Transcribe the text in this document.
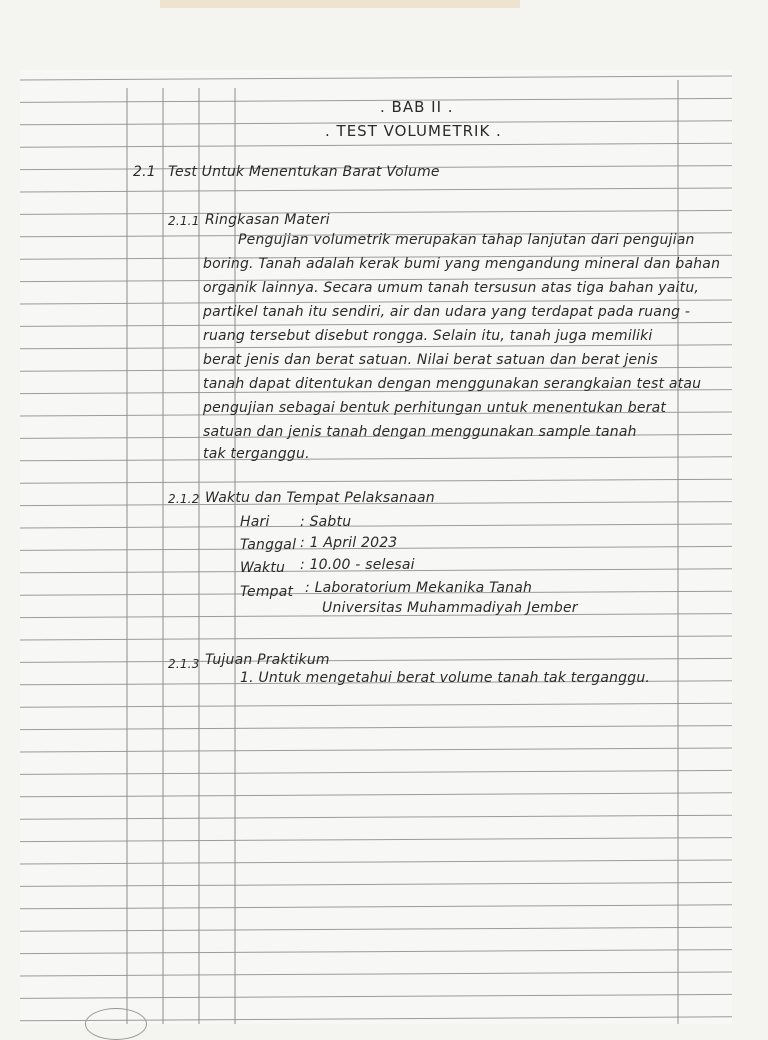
. BAB II .
. TEST VOLUMETRIK .
2.1 Test Untuk Menentukan Barat Volume
2.1.1 Ringkasan Materi
Pengujian volumetrik merupakan tahap lanjutan dari pengujian
boring. Tanah adalah kerak bumi yang mengandung mineral dan bahan
organik lainnya. Secara umum tanah tersusun atas tiga bahan yaitu,
partikel tanah itu sendiri, air dan udara yang terdapat pada ruang -
ruang tersebut disebut rongga. Selain itu, tanah juga memiliki
berat jenis dan berat satuan. Nilai berat satuan dan berat jenis
tanah dapat ditentukan dengan menggunakan serangkaian test atau
pengujian sebagai bentuk perhitungan untuk menentukan berat
satuan dan jenis tanah dengan menggunakan sample tanah
tak terganggu.
2.1.2 Waktu dan Tempat Pelaksanaan
Hari : Sabtu
Tanggal : 1 April 2023
Waktu : 10.00 - selesai
Tempat : Laboratorium Mekanika Tanah
Universitas Muhammadiyah Jember
2.1.3 Tujuan Praktikum
1. Untuk mengetahui berat volume tanah tak terganggu.
